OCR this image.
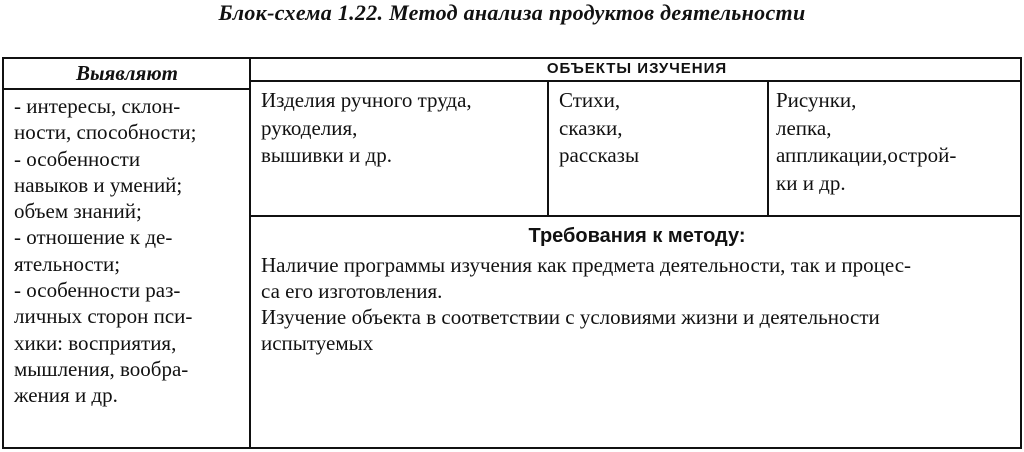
Блок-схема 1.22. Метод анализа продуктов деятельности
Выявляют	ОБЪЕКТЫ ИЗУЧЕНИЯ
- интересы, склон-
ности, способности;
- особенности
навыков и умений;
объем знаний;
- отношение к де-
ятельности;
- особенности раз-
личных сторон пси-
хики: восприятия,
мышления, вообра-
жения и др.
Изделия ручного труда,
рукоделия,
вышивки и др.
Стихи,
сказки,
рассказы
Рисунки,
лепка,
аппликации,острой-
ки и др.
Требования к методу:
Наличие программы изучения как предмета деятельности, так и процес-
са его изготовления.
Изучение объекта в соответствии с условиями жизни и деятельности
испытуемых
